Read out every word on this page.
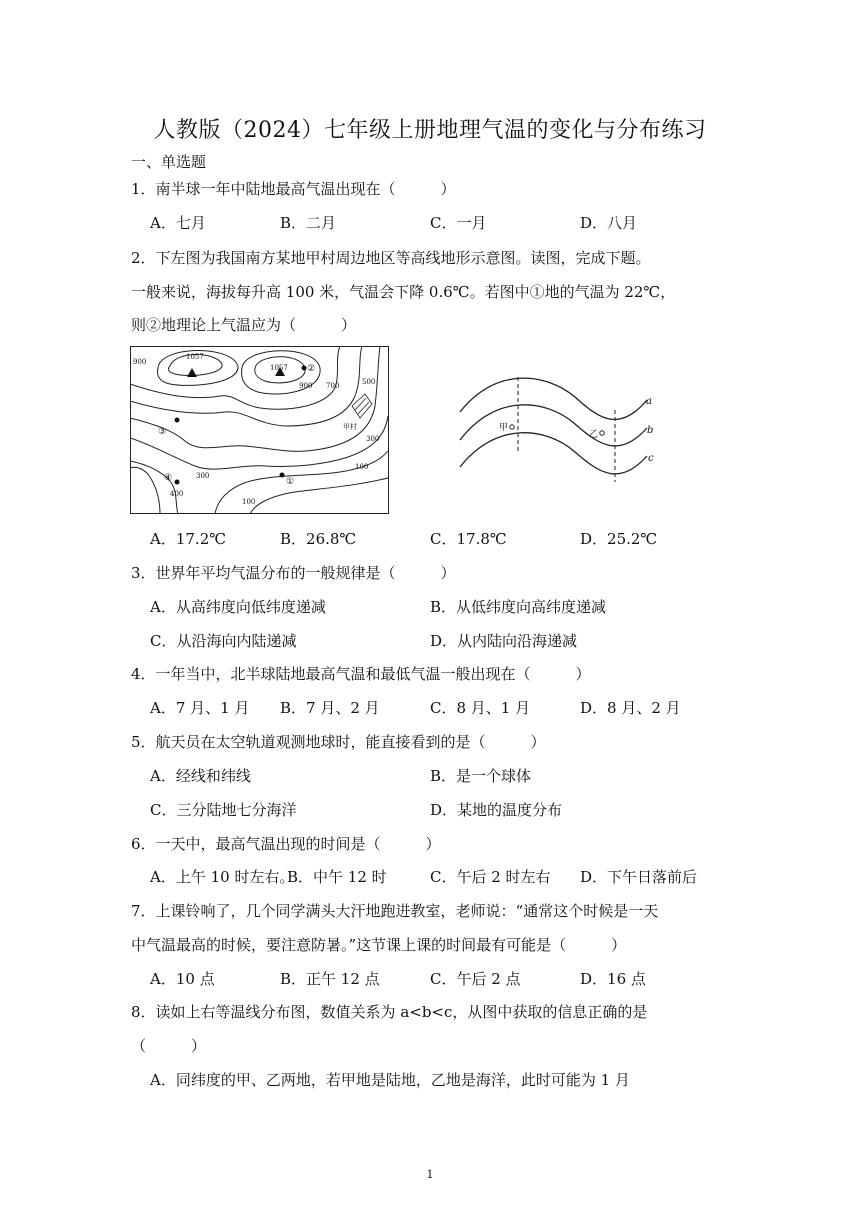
人教版（2024）七年级上册地理气温的变化与分布练习
一、单选题
1．南半球一年中陆地最高气温出现在（　　　）
A．七月	B．二月	C．一月	D．八月
2．下左图为我国南方某地甲村周边地区等高线地形示意图。读图，完成下题。
一般来说，海拔每升高 100 米，气温会下降 0.6℃。若图中①地的气温为 22℃，
则②地理论上气温应为（　　　）
1057
1057
900
900 700	500
300
300
100
100
400
甲村
①
②
③
④
甲
乙
a
b
c
A．17.2℃	B．26.8℃	C．17.8℃	D．25.2℃
3．世界年平均气温分布的一般规律是（　　　）
A．从高纬度向低纬度递减	B．从低纬度向高纬度递减
C．从沿海向内陆递减	D．从内陆向沿海递减
4．一年当中，北半球陆地最高气温和最低气温一般出现在（　　　）
A．7 月、1 月 B．7 月、2 月	C．8 月、1 月	D．8 月、2 月
5．航天员在太空轨道观测地球时，能直接看到的是（　　　）
A．经线和纬线	B．是一个球体
C．三分陆地七分海洋	D．某地的温度分布
6．一天中，最高气温出现的时间是（　　　）
A．上午 10 时左右。
B．中午 12 时	C．午后 2 时左右 D．下午日落前后
7．上课铃响了，几个同学满头大汗地跑进教室，老师说：“通常这个时候是一天
中气温最高的时候，要注意防暑。”这节课上课的时间最有可能是（　　　）
A．10 点	B．正午 12 点	C．午后 2 点	D．16 点
8．读如上右等温线分布图，数值关系为 a<b<c，从图中获取的信息正确的是
（　　　）
A．同纬度的甲、乙两地，若甲地是陆地，乙地是海洋，此时可能为 1 月
1
